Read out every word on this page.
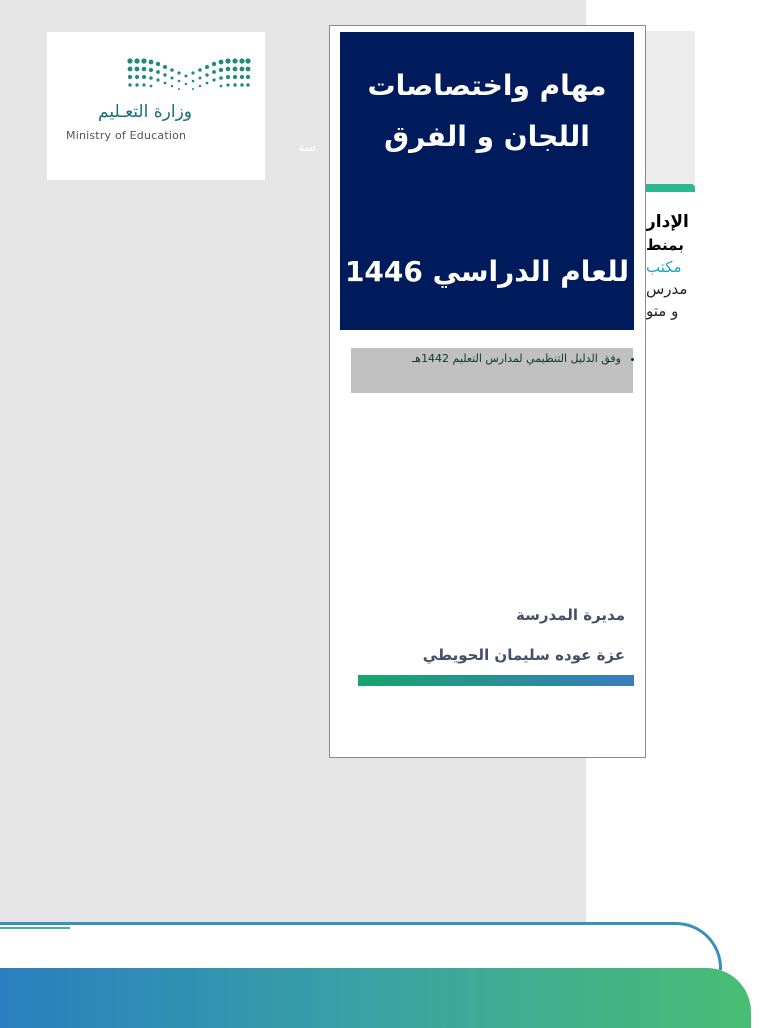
وزارة التعـليم
Ministry of Education
سة
الإدار
بمنط
مكتب
مدرس
و متو
مهام واختصاصات اللجان و الفرق
للعام الدراسي 1446
• وفق الدليل التنظيمي لمدارس التعليم 1442هـ
مديرة المدرسة
عزة عوده سليمان الحويطي
